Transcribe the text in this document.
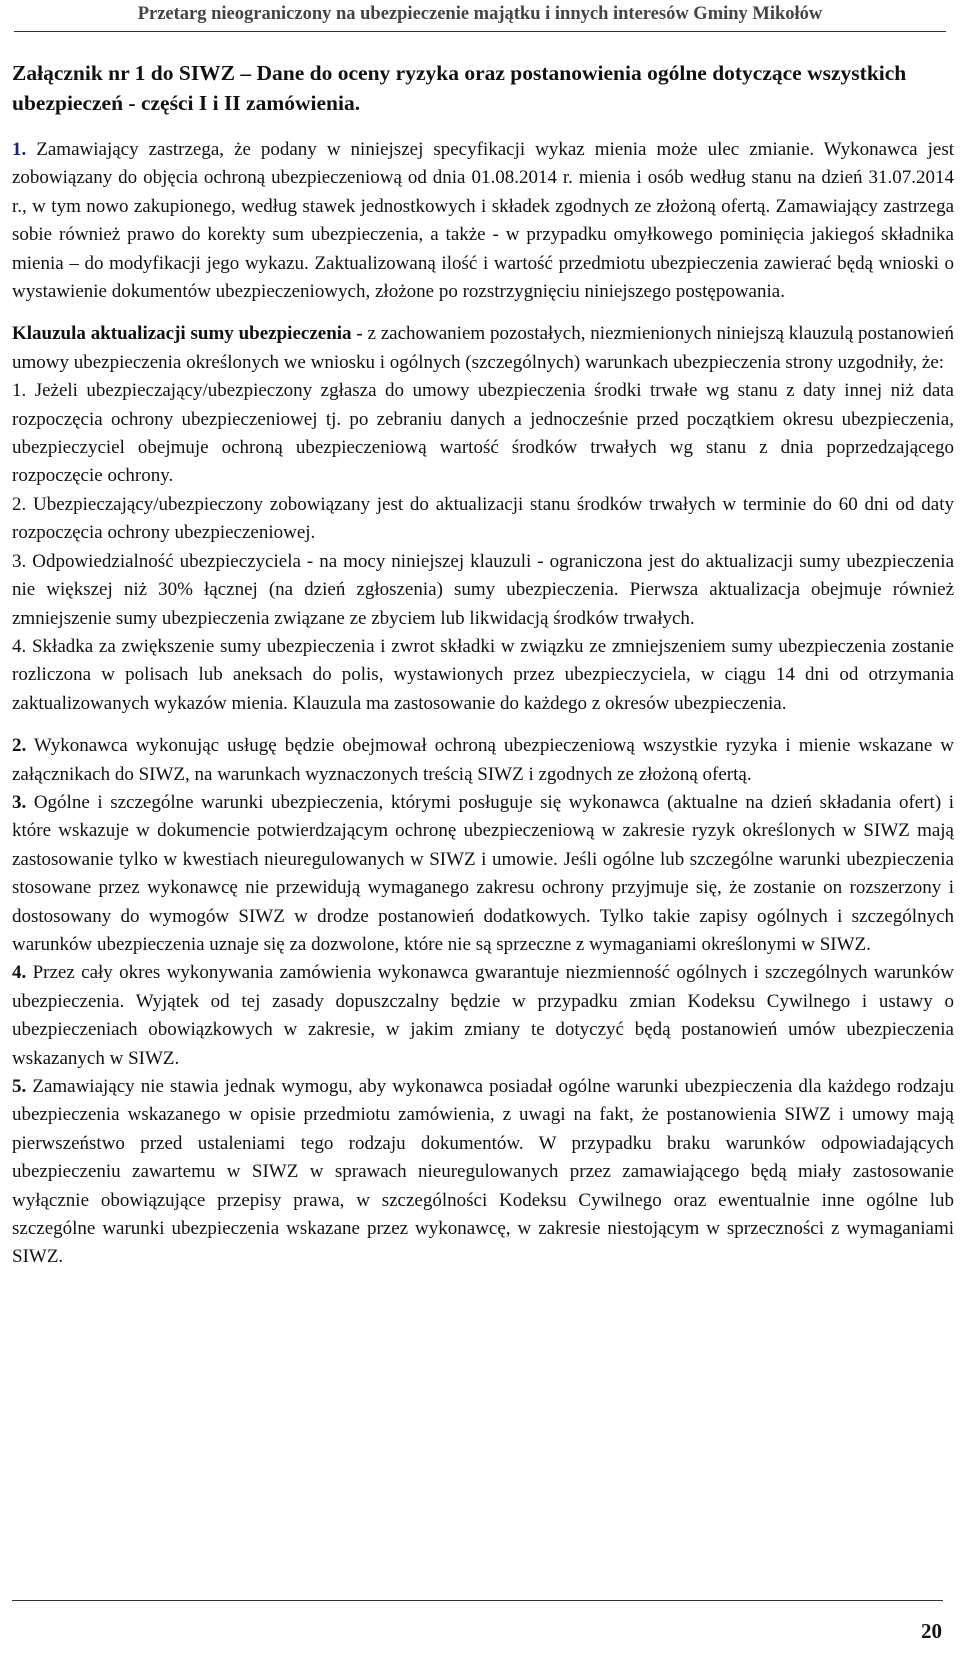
Przetarg nieograniczony na ubezpieczenie majątku i innych interesów Gminy Mikołów

Załącznik nr 1 do SIWZ – Dane do oceny ryzyka oraz postanowienia ogólne dotyczące wszystkich ubezpieczeń - części I i II zamówienia.

1. Zamawiający zastrzega, że podany w niniejszej specyfikacji wykaz mienia może ulec zmianie. Wykonawca jest zobowiązany do objęcia ochroną ubezpieczeniową od dnia 01.08.2014 r. mienia i osób według stanu na dzień 31.07.2014 r., w tym nowo zakupionego, według stawek jednostkowych i składek zgodnych ze złożoną ofertą. Zamawiający zastrzega sobie również prawo do korekty sum ubezpieczenia, a także - w przypadku omyłkowego pominięcia jakiegoś składnika mienia – do modyfikacji jego wykazu. Zaktualizowaną ilość i wartość przedmiotu ubezpieczenia zawierać będą wnioski o wystawienie dokumentów ubezpieczeniowych, złożone po rozstrzygnięciu niniejszego postępowania.

Klauzula aktualizacji sumy ubezpieczenia - z zachowaniem pozostałych, niezmienionych niniejszą klauzulą postanowień umowy ubezpieczenia określonych we wniosku i ogólnych (szczególnych) warunkach ubezpieczenia strony uzgodniły, że:

1. Jeżeli ubezpieczający/ubezpieczony zgłasza do umowy ubezpieczenia środki trwałe wg stanu z daty innej niż data rozpoczęcia ochrony ubezpieczeniowej tj. po zebraniu danych a jednocześnie przed początkiem okresu ubezpieczenia, ubezpieczyciel obejmuje ochroną ubezpieczeniową wartość środków trwałych wg stanu z dnia poprzedzającego rozpoczęcie ochrony.

2. Ubezpieczający/ubezpieczony zobowiązany jest do aktualizacji stanu środków trwałych w terminie do 60 dni od daty rozpoczęcia ochrony ubezpieczeniowej.

3. Odpowiedzialność ubezpieczyciela - na mocy niniejszej klauzuli - ograniczona jest do aktualizacji sumy ubezpieczenia nie większej niż 30% łącznej (na dzień zgłoszenia) sumy ubezpieczenia. Pierwsza aktualizacja obejmuje również zmniejszenie sumy ubezpieczenia związane ze zbyciem lub likwidacją środków trwałych.

4. Składka za zwiększenie sumy ubezpieczenia i zwrot składki w związku ze zmniejszeniem sumy ubezpieczenia zostanie rozliczona w polisach lub aneksach do polis, wystawionych przez ubezpieczyciela, w ciągu 14 dni od otrzymania zaktualizowanych wykazów mienia. Klauzula ma zastosowanie do każdego z okresów ubezpieczenia.

2. Wykonawca wykonując usługę będzie obejmował ochroną ubezpieczeniową wszystkie ryzyka i mienie wskazane w załącznikach do SIWZ, na warunkach wyznaczonych treścią SIWZ i zgodnych ze złożoną ofertą.

3. Ogólne i szczególne warunki ubezpieczenia, którymi posługuje się wykonawca (aktualne na dzień składania ofert) i które wskazuje w dokumencie potwierdzającym ochronę ubezpieczeniową w zakresie ryzyk określonych w SIWZ mają zastosowanie tylko w kwestiach nieuregulowanych w SIWZ i umowie. Jeśli ogólne lub szczególne warunki ubezpieczenia stosowane przez wykonawcę nie przewidują wymaganego zakresu ochrony przyjmuje się, że zostanie on rozszerzony i dostosowany do wymogów SIWZ w drodze postanowień dodatkowych. Tylko takie zapisy ogólnych i szczególnych warunków ubezpieczenia uznaje się za dozwolone, które nie są sprzeczne z wymaganiami określonymi w SIWZ.

4. Przez cały okres wykonywania zamówienia wykonawca gwarantuje niezmienność ogólnych i szczególnych warunków ubezpieczenia. Wyjątek od tej zasady dopuszczalny będzie w przypadku zmian Kodeksu Cywilnego i ustawy o ubezpieczeniach obowiązkowych w zakresie, w jakim zmiany te dotyczyć będą postanowień umów ubezpieczenia wskazanych w SIWZ.

5. Zamawiający nie stawia jednak wymogu, aby wykonawca posiadał ogólne warunki ubezpieczenia dla każdego rodzaju ubezpieczenia wskazanego w opisie przedmiotu zamówienia, z uwagi na fakt, że postanowienia SIWZ i umowy mają pierwszeństwo przed ustaleniami tego rodzaju dokumentów. W przypadku braku warunków odpowiadających ubezpieczeniu zawartemu w SIWZ w sprawach nieuregulowanych przez zamawiającego będą miały zastosowanie wyłącznie obowiązujące przepisy prawa, w szczególności Kodeksu Cywilnego oraz ewentualnie inne ogólne lub szczególne warunki ubezpieczenia wskazane przez wykonawcę, w zakresie niestojącym w sprzeczności z wymaganiami SIWZ.

20
